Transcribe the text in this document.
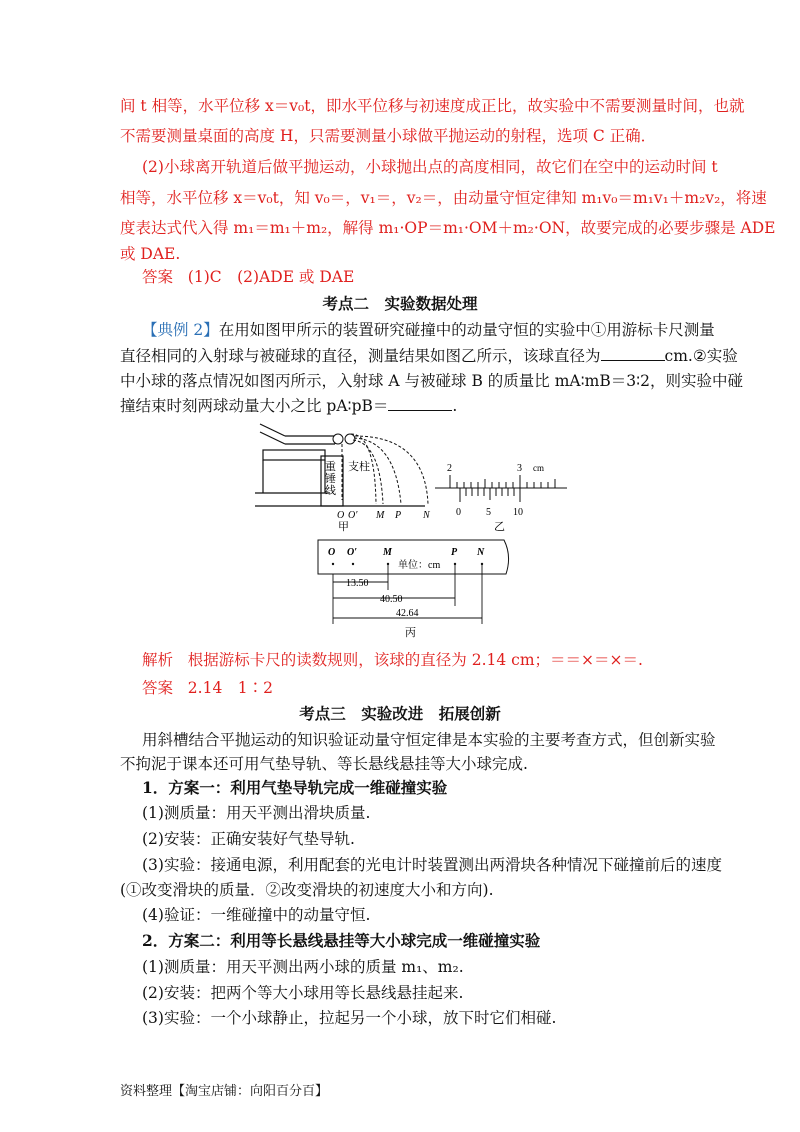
间 t 相等，水平位移 x＝v₀t，即水平位移与初速度成正比，故实验中不需要测量时间，也就
不需要测量桌面的高度 H，只需要测量小球做平抛运动的射程，选项 C 正确．
(2)小球离开轨道后做平抛运动，小球抛出点的高度相同，故它们在空中的运动时间 t
相等，水平位移 x＝v₀t，知 v₀＝，v₁＝，v₂＝，由动量守恒定律知 m₁v₀＝m₁v₁＋m₂v₂，将速
度表达式代入得 m₁＝m₁＋m₂，解得 m₁·OP＝m₁·OM＋m₂·ON，故要完成的必要步骤是 ADE
或 DAE.
答案 (1)C　(2)ADE 或 DAE
考点二　实验数据处理
【典例 2】在用如图甲所示的装置研究碰撞中的动量守恒的实验中①用游标卡尺测量
直径相同的入射球与被碰球的直径，测量结果如图乙所示，该球直径为	cm.②实验
中小球的落点情况如图丙所示，入射球 A 与被碰球 B 的质量比 mA∶mB＝3∶2，则实验中碰
撞结束时刻两球动量大小之比 pA∶pB＝	.
重
锤
线
支柱
O O′ M P N
甲
2	3 cm
0	5 10
乙
O O′	M	P N
单位：cm
13.50
40.50
42.64
丙
解析 根据游标卡尺的读数规则，该球的直径为 2.14 cm；＝＝×＝×＝.
答案 2.14　1∶2
考点三　实验改进　拓展创新
用斜槽结合平抛运动的知识验证动量守恒定律是本实验的主要考查方式，但创新实验
不拘泥于课本还可用气垫导轨、等长悬线悬挂等大小球完成.
1．方案一：利用气垫导轨完成一维碰撞实验
(1)测质量：用天平测出滑块质量.
(2)安装：正确安装好气垫导轨.
(3)实验：接通电源，利用配套的光电计时装置测出两滑块各种情况下碰撞前后的速度
(①改变滑块的质量．②改变滑块的初速度大小和方向).
(4)验证：一维碰撞中的动量守恒.
2．方案二：利用等长悬线悬挂等大小球完成一维碰撞实验
(1)测质量：用天平测出两小球的质量 m₁、m₂.
(2)安装：把两个等大小球用等长悬线悬挂起来.
(3)实验：一个小球静止，拉起另一个小球，放下时它们相碰.
资料整理【淘宝店铺：向阳百分百】
